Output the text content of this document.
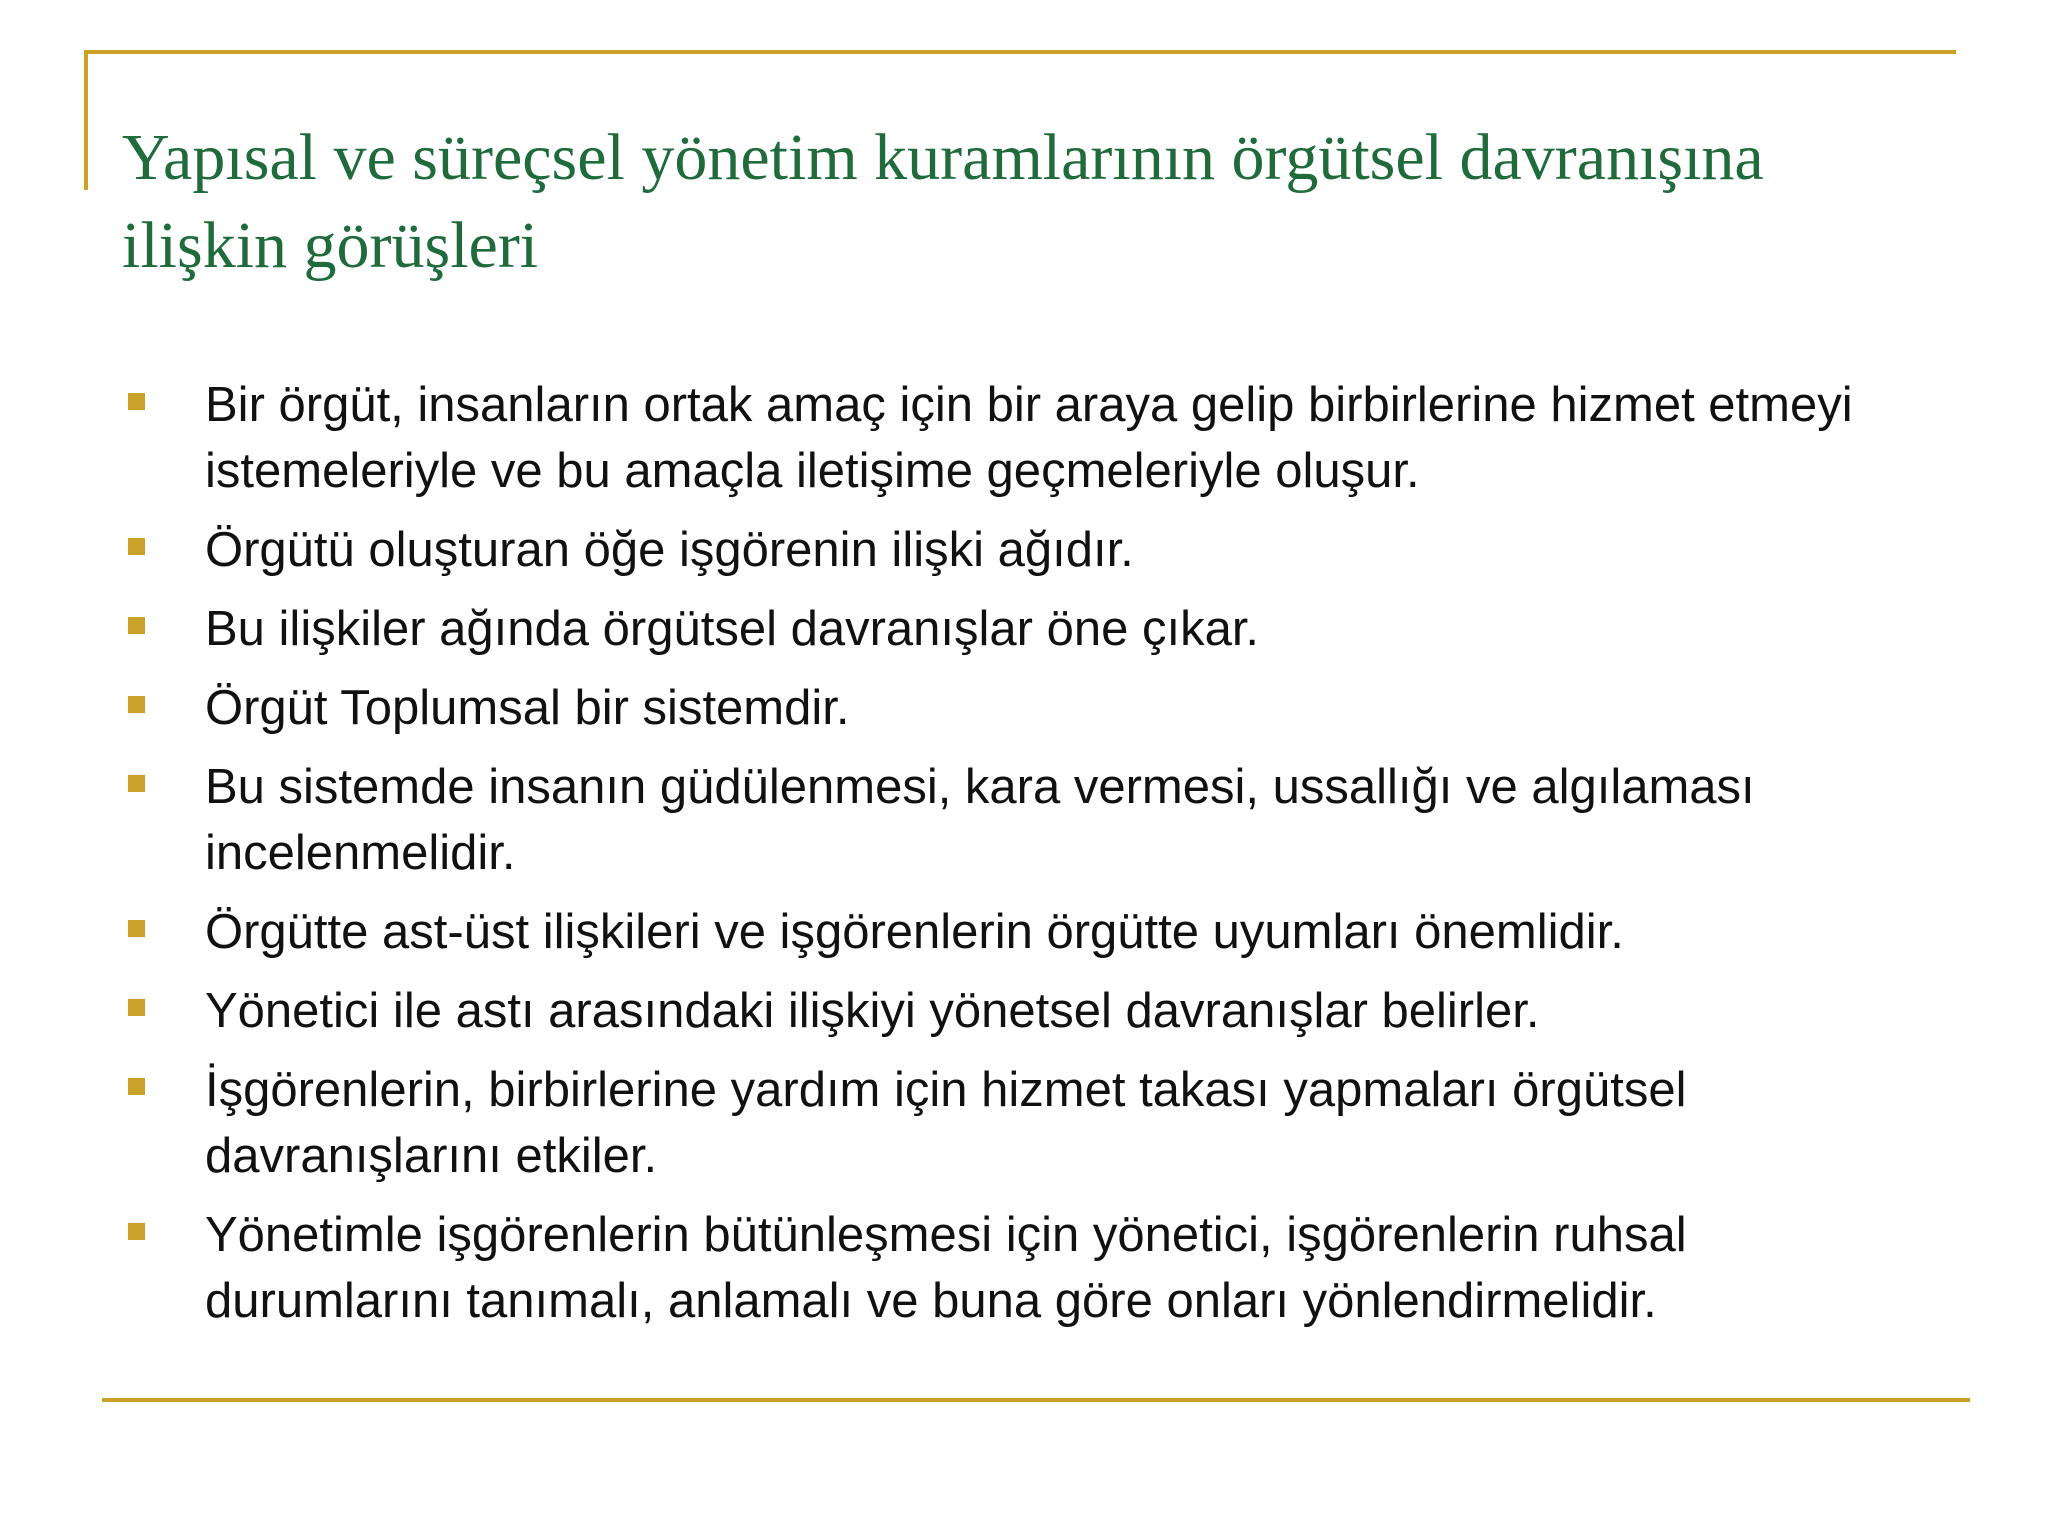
Yapısal ve süreçsel yönetim kuramlarının örgütsel davranışına ilişkin görüşleri
Bir örgüt, insanların ortak amaç için bir araya gelip birbirlerine hizmet etmeyi istemeleriyle ve bu amaçla iletişime geçmeleriyle oluşur.
Örgütü oluşturan öğe işgörenin ilişki ağıdır.
Bu ilişkiler ağında örgütsel davranışlar öne çıkar.
Örgüt Toplumsal bir sistemdir.
Bu sistemde insanın güdülenmesi, kara vermesi, ussallığı ve algılaması incelenmelidir.
Örgütte ast-üst ilişkileri ve işgörenlerin örgütte uyumları önemlidir.
Yönetici ile astı arasındaki ilişkiyi yönetsel davranışlar belirler.
İşgörenlerin, birbirlerine yardım için hizmet takası yapmaları örgütsel davranışlarını etkiler.
Yönetimle işgörenlerin bütünleşmesi için yönetici, işgörenlerin ruhsal durumlarını tanımalı, anlamalı ve buna göre onları yönlendirmelidir.
